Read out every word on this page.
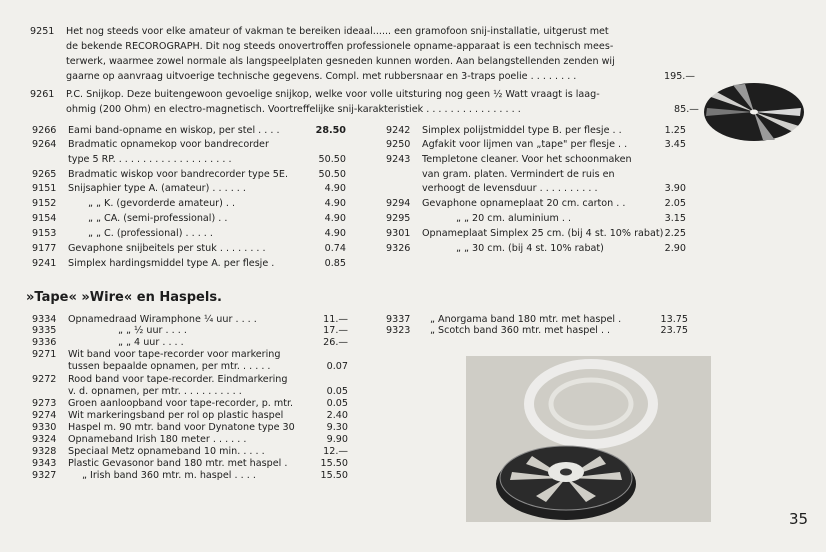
9251	Het nog steeds voor elke amateur of vakman te bereiken ideaal...... een gramofoon snij-installatie, uitgerust met
de bekende RECOROGRAPH. Dit nog steeds onovertroffen professionele opname-apparaat is een technisch mees-
terwerk, waarmee zowel normale als langspeelplaten gesneden kunnen worden. Aan belangstellenden zenden wij
gaarne op aanvraag uitvoerige technische gegevens. Compl. met rubbersnaar en 3-traps poelie . . . . . . . .	195.—
9261	P.C. Snijkop. Deze buitengewoon gevoelige snijkop, welke voor volle uitsturing nog geen ½ Watt vraagt is laag-
ohmig (200 Ohm) en electro-magnetisch. Voortreffelijke snij-karakteristiek . . . . . . . . . . . . . . . .	85.—
9266 Eami band-opname en wiskop, per stel . . . .	28.50
9264 Bradmatic opnamekop voor bandrecorder
type 5 RP. . . . . . . . . . . . . . . . . . . .	50.50
9265 Bradmatic wiskop voor bandrecorder type 5E.	50.50
9151 Snijsaphier type A. (amateur) . . . . . .	4.90
9152	„ „ K. (gevorderde amateur) . .	4.90
9154	„ „ CA. (semi-professional) . .	4.90
9153	„ „ C. (professional) . . . . .	4.90
9177 Gevaphone snijbeitels per stuk . . . . . . . .	0.74
9241 Simplex hardingsmiddel type A. per flesje .	0.85
9242 Simplex polijstmiddel type B. per flesje . .	1.25
9250 Agfakit voor lijmen van „tape" per flesje . .	3.45
9243 Templetone cleaner. Voor het schoonmaken
van gram. platen. Vermindert de ruis en
verhoogt de levensduur . . . . . . . . . .	3.90
9294 Gevaphone opnameplaat 20 cm. carton . .	2.05
9295	„ „ 20 cm. aluminium . .	3.15
9301 Opnameplaat Simplex 25 cm. (bij 4 st. 10% rabat) 2.25
9326	„ „ 30 cm. (bij 4 st. 10% rabat)	2.90
»Tape« »Wire« en Haspels.
9334 Opnamedraad Wiramphone ¼ uur . . . .	11.—
9335	„ „ ½ uur . . . .	17.—
9336	„ „ 4 uur . . . .	26.—
9271 Wit band voor tape-recorder voor markering
tussen bepaalde opnamen, per mtr. . . . . .	0.07
9272 Rood band voor tape-recorder. Eindmarkering
v. d. opnamen, per mtr. . . . . . . . . . .	0.05
9273 Groen aanloopband voor tape-recorder, p. mtr.	0.05
9274 Wit markeringsband per rol op plastic haspel	2.40
9330 Haspel m. 90 mtr. band voor Dynatone type 30	9.30
9324 Opnameband Irish 180 meter . . . . . .	9.90
9328 Speciaal Metz opnameband 10 min. . . . .	12.—
9343 Plastic Gevasonor band 180 mtr. met haspel .	15.50
9327	„ Irish band 360 mtr. m. haspel . . . .	15.50
9337 „ Anorgama band 180 mtr. met haspel .	13.75
9323 „ Scotch band 360 mtr. met haspel . .	23.75
35
